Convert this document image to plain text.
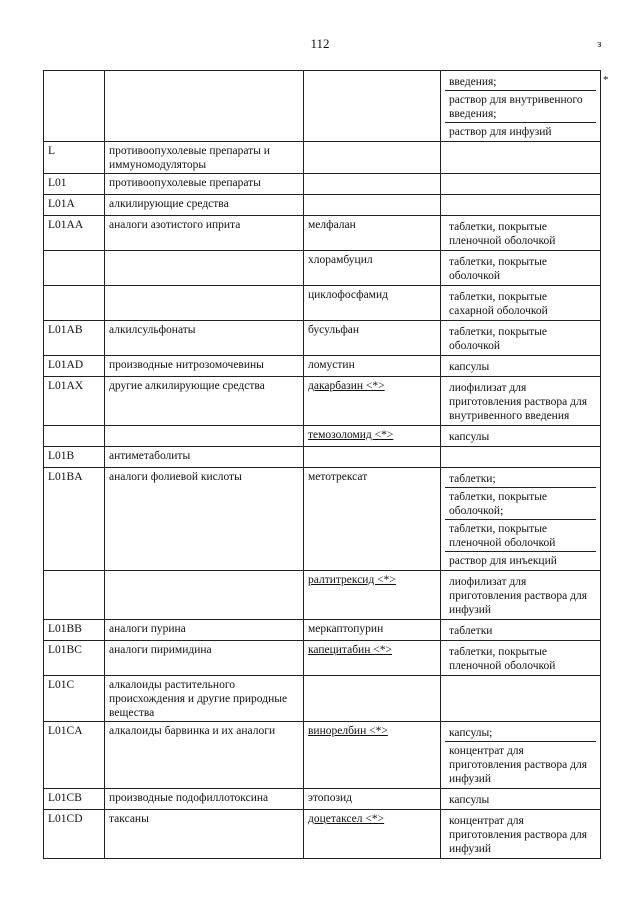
112	з
*

			введения;
раствор для внутривенного введения;
раствор для инфузий

L	противоопухолевые препараты и иммуномодуляторы		

L01	противоопухолевые препараты		

L01A	алкилирующие средства		

L01AA	аналоги азотистого иприта	мелфалан	таблетки, покрытые пленочной оболочкой

		хлорамбуцил	таблетки, покрытые оболочкой

		циклофосфамид	таблетки, покрытые сахарной оболочкой

L01AB	алкилсульфонаты	бусульфан	таблетки, покрытые оболочкой

L01AD	производные нитрозомочевины	ломустин	капсулы

L01AX	другие алкилирующие средства	дакарбазин <*>	лиофилизат для приготовления раствора для внутривенного введения

		темозоломид <*>	капсулы

L01B	антиметаболиты		

L01BA	аналоги фолиевой кислоты	метотрексат	таблетки;
таблетки, покрытые оболочкой;
таблетки, покрытые пленочной оболочкой
раствор для инъекций

		ралтитрексид <*>	лиофилизат для приготовления раствора для инфузий

L01BB	аналоги пурина	меркаптопурин	таблетки

L01BC	аналоги пиримидина	капецитабин <*>	таблетки, покрытые пленочной оболочкой

L01C	алкалоиды растительного происхождения и другие природные вещества		

L01CA	алкалоиды барвинка и их аналоги	винорелбин <*>	капсулы;
концентрат для приготовления раствора для инфузий

L01CB	производные подофиллотоксина	этопозид	капсулы

L01CD	таксаны	доцетаксел <*>	концентрат для приготовления раствора для инфузий
